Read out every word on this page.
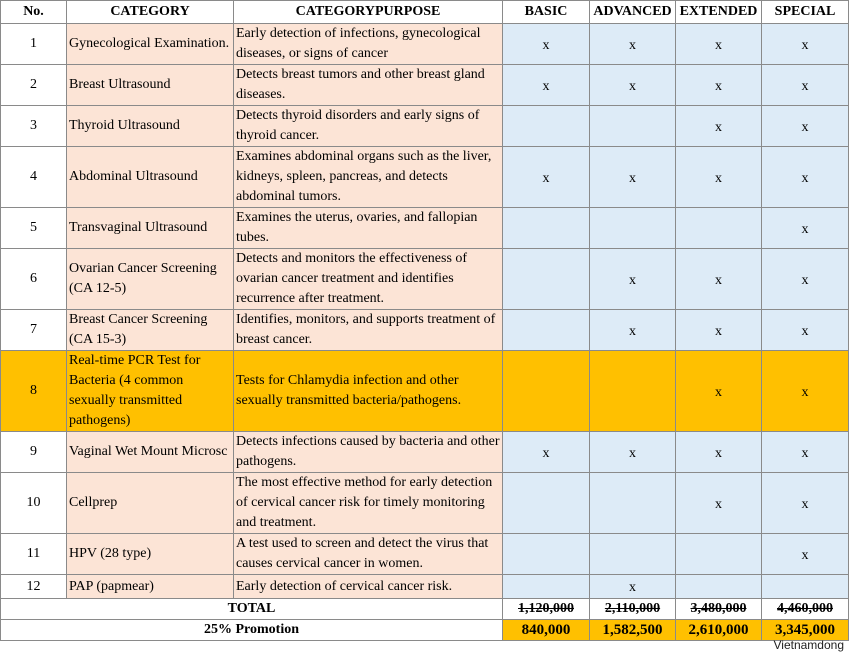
No.	CATEGORY	CATEGORYPURPOSE	BASIC	ADVANCED	EXTENDED	SPECIAL
1	Gynecological Examination.	Early detection of infections, gynecological diseases, or signs of cancer	x	x	x	x
2	Breast Ultrasound	Detects breast tumors and other breast gland diseases.	x	x	x	x
3	Thyroid Ultrasound	Detects thyroid disorders and early signs of thyroid cancer.			x	x
4	Abdominal Ultrasound	Examines abdominal organs such as the liver, kidneys, spleen, pancreas, and detects abdominal tumors.	x	x	x	x
5	Transvaginal Ultrasound	Examines the uterus, ovaries, and fallopian tubes.				x
6	Ovarian Cancer Screening (CA 12-5)	Detects and monitors the effectiveness of ovarian cancer treatment and identifies recurrence after treatment.		x	x	x
7	Breast Cancer Screening (CA 15-3)	Identifies, monitors, and supports treatment of breast cancer.		x	x	x
8	Real-time PCR Test for Bacteria (4 common sexually transmitted pathogens)	Tests for Chlamydia infection and other sexually transmitted bacteria/pathogens.			x	x
9	Vaginal Wet Mount Microsc	Detects infections caused by bacteria and other pathogens.	x	x	x	x
10	Cellprep	The most effective method for early detection of cervical cancer risk for timely monitoring and treatment.			x	x
11	HPV (28 type)	A test used to screen and detect the virus that causes cervical cancer in women.				x
12	PAP (papmear)	Early detection of cervical cancer risk.		x		
TOTAL			1,120,000	2,110,000	3,480,000	4,460,000
25% Promotion			840,000	1,582,500	2,610,000	3,345,000
Vietnamdong
